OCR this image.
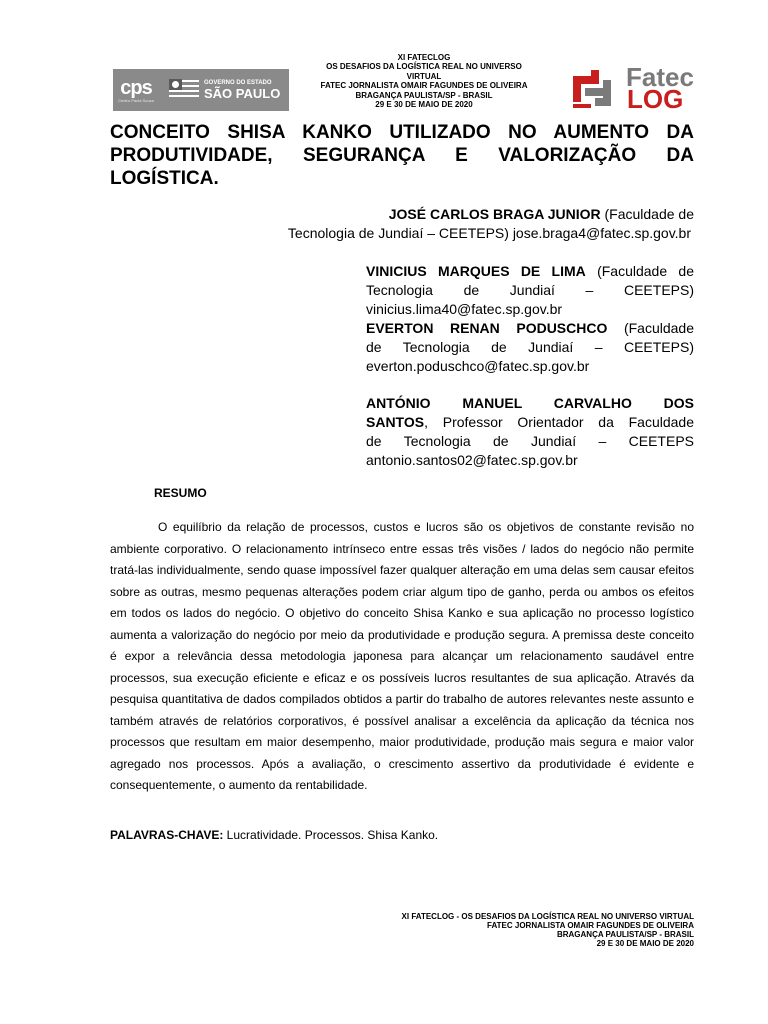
cps
Centro Paula Souza
GOVERNO DO ESTADO
SÃO PAULO
XI FATECLOG
OS DESAFIOS DA LOGÍSTICA REAL NO UNIVERSO
VIRTUAL
FATEC JORNALISTA OMAIR FAGUNDES DE OLIVEIRA
BRAGANÇA PAULISTA/SP - BRASIL
29 E 30 DE MAIO DE 2020
Fatec
LOG
CONCEITO SHISA KANKO UTILIZADO NO AUMENTO DA PRODUTIVIDADE, SEGURANÇA E VALORIZAÇÃO DA LOGÍSTICA.
JOSÉ CARLOS BRAGA JUNIOR (Faculdade de
Tecnologia de Jundiaí – CEETEPS) jose.braga4@fatec.sp.gov.br
VINICIUS MARQUES DE LIMA (Faculdade de
Tecnologia de Jundiaí – CEETEPS)
vinicius.lima40@fatec.sp.gov.br
EVERTON RENAN PODUSCHCO (Faculdade
de Tecnologia de Jundiaí – CEETEPS)
everton.poduschco@fatec.sp.gov.br
ANTÓNIO MANUEL CARVALHO DOS
SANTOS, Professor Orientador da Faculdade
de Tecnologia de Jundiaí – CEETEPS
antonio.santos02@fatec.sp.gov.br
RESUMO

O equilíbrio da relação de processos, custos e lucros são os objetivos de constante revisão no ambiente corporativo. O relacionamento intrínseco entre essas três visões / lados do negócio não permite tratá-las individualmente, sendo quase impossível fazer qualquer alteração em uma delas sem causar efeitos sobre as outras, mesmo pequenas alterações podem criar algum tipo de ganho, perda ou ambos os efeitos em todos os lados do negócio. O objetivo do conceito Shisa Kanko e sua aplicação no processo logístico aumenta a valorização do negócio por meio da produtividade e produção segura. A premissa deste conceito é expor a relevância dessa metodologia japonesa para alcançar um relacionamento saudável entre processos, sua execução eficiente e eficaz e os possíveis lucros resultantes de sua aplicação. Através da pesquisa quantitativa de dados compilados obtidos a partir do trabalho de autores relevantes neste assunto e também através de relatórios corporativos, é possível analisar a excelência da aplicação da técnica nos processos que resultam em maior desempenho, maior produtividade, produção mais segura e maior valor agregado nos processos. Após a avaliação, o crescimento assertivo da produtividade é evidente e consequentemente, o aumento da rentabilidade.

PALAVRAS-CHAVE: Lucratividade. Processos. Shisa Kanko.
XI FATECLOG - OS DESAFIOS DA LOGÍSTICA REAL NO UNIVERSO VIRTUAL
FATEC JORNALISTA OMAIR FAGUNDES DE OLIVEIRA
BRAGANÇA PAULISTA/SP - BRASIL
29 E 30 DE MAIO DE 2020
